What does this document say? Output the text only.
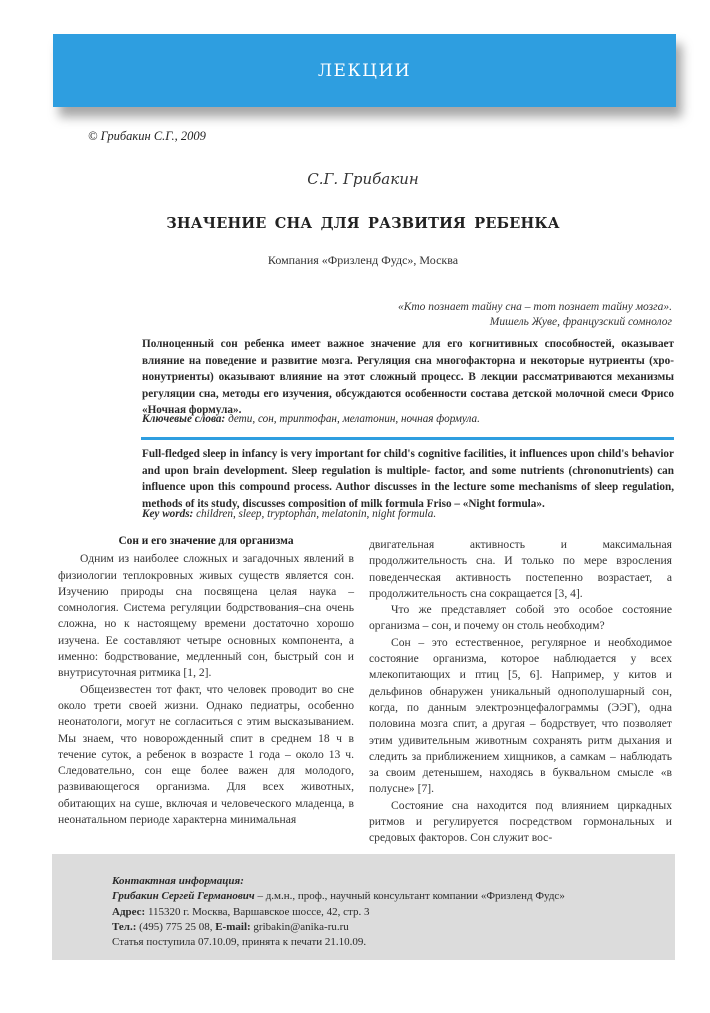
ЛЕКЦИИ
© Грибакин С.Г., 2009
С.Г. Грибакин
ЗНАЧЕНИЕ СНА ДЛЯ РАЗВИТИЯ РЕБЕНКА
Компания «Фризленд Фудс», Москва
«Кто познает тайну сна – тот познает тайну мозга».
Мишель Жуве, французский сомнолог
Полноценный сон ребенка имеет важное значение для его когнитивных способностей, оказывает влияние на поведение и развитие мозга. Регуляция сна многофакторна и некоторые нутриенты (хрононутриенты) оказывают влияние на этот сложный процесс. В лекции рассматриваются механизмы регуляции сна, методы его изучения, обсуждаются особенности состава детской молочной смеси Фрисо «Ночная формула».
Ключевые слова: дети, сон, триптофан, мелатонин, ночная формула.
Full-fledged sleep in infancy is very important for child's cognitive facilities, it influences upon child's behavior and upon brain development. Sleep regulation is multiple- factor, and some nutrients (chrononutrients) can influence upon this compound process. Author discusses in the lecture some mechanisms of sleep regulation, methods of its study, discusses composition of milk formula Friso – «Night formula».
Key words: children, sleep, tryptophan, melatonin, night formula.
Сон и его значение для организма

Одним из наиболее сложных и загадочных явлений в физиологии теплокровных живых существ является сон. Изучению природы сна посвящена целая наука – сомнология. Система регуляции бодрствования–сна очень сложна, но к настоящему времени достаточно хорошо изучена. Ее составляют четыре основных компонента, а именно: бодрствование, медленный сон, быстрый сон и внутрисуточная ритмика [1, 2].

Общеизвестен тот факт, что человек проводит во сне около трети своей жизни. Однако педиатры, особенно неонатологи, могут не согласиться с этим высказыванием. Мы знаем, что новорожденный спит в среднем 18 ч в течение суток, а ребенок в возрасте 1 года – около 13 ч. Следовательно, сон еще более важен для молодого, развивающегося организма. Для всех животных, обитающих на суше, включая и человеческого младенца, в неонатальном периоде характерна минимальная

двигательная активность и максимальная продолжительность сна. И только по мере взросления поведенческая активность постепенно возрастает, а продолжительность сна сокращается [3, 4].

Что же представляет собой это особое состояние организма – сон, и почему он столь необходим?

Сон – это естественное, регулярное и необходимое состояние организма, которое наблюдается у всех млекопитающих и птиц [5, 6]. Например, у китов и дельфинов обнаружен уникальный однополушарный сон, когда, по данным электроэнцефалограммы (ЭЭГ), одна половина мозга спит, а другая – бодрствует, что позволяет этим удивительным животным сохранять ритм дыхания и следить за приближением хищников, а самкам – наблюдать за своим детенышем, находясь в буквальном смысле «в полусне» [7].

Состояние сна находится под влиянием циркадных ритмов и регулируется посредством гормональных и средовых факторов. Сон служит вос-

Контактная информация:
Грибакин Сергей Германович – д.м.н., проф., научный консультант компании «Фризленд Фудс»
Адрес: 115320 г. Москва, Варшавское шоссе, 42, стр. 3
Тел.: (495) 775 25 08, E-mail: gribakin@anika-ru.ru
Статья поступила 07.10.09, принята к печати 21.10.09.
